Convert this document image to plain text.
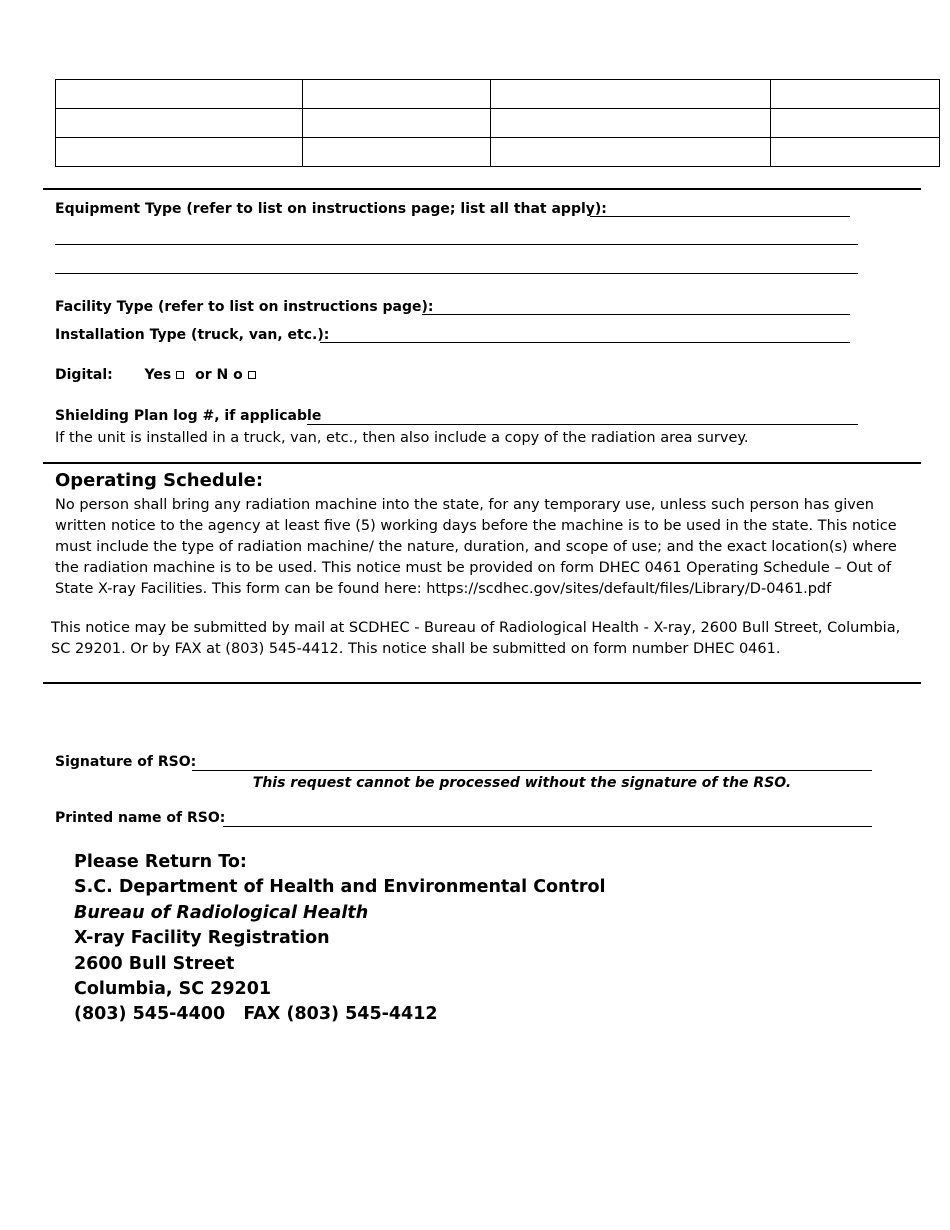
Equipment Type (refer to list on instructions page; list all that apply):
Facility Type (refer to list on instructions page):
Installation Type (truck, van, etc.):
Digital: Yes or N o
Shielding Plan log #, if applicable
If the unit is installed in a truck, van, etc., then also include a copy of the radiation area survey.
Operating Schedule:
No person shall bring any radiation machine into the state, for any temporary use, unless such person has given written notice to the agency at least five (5) working days before the machine is to be used in the state. This notice must include the type of radiation machine/ the nature, duration, and scope of use; and the exact location(s) where the radiation machine is to be used. This notice must be provided on form DHEC 0461 Operating Schedule – Out of State X-ray Facilities. This form can be found here: https://scdhec.gov/sites/default/files/Library/D-0461.pdf
This notice may be submitted by mail at SCDHEC - Bureau of Radiological Health - X-ray, 2600 Bull Street, Columbia, SC 29201. Or by FAX at (803) 545-4412. This notice shall be submitted on form number DHEC 0461.
Signature of RSO:
This request cannot be processed without the signature of the RSO.
Printed name of RSO:
Please Return To:
S.C. Department of Health and Environmental Control
Bureau of Radiological Health
X-ray Facility Registration
2600 Bull Street
Columbia, SC 29201
(803) 545-4400   FAX (803) 545-4412
